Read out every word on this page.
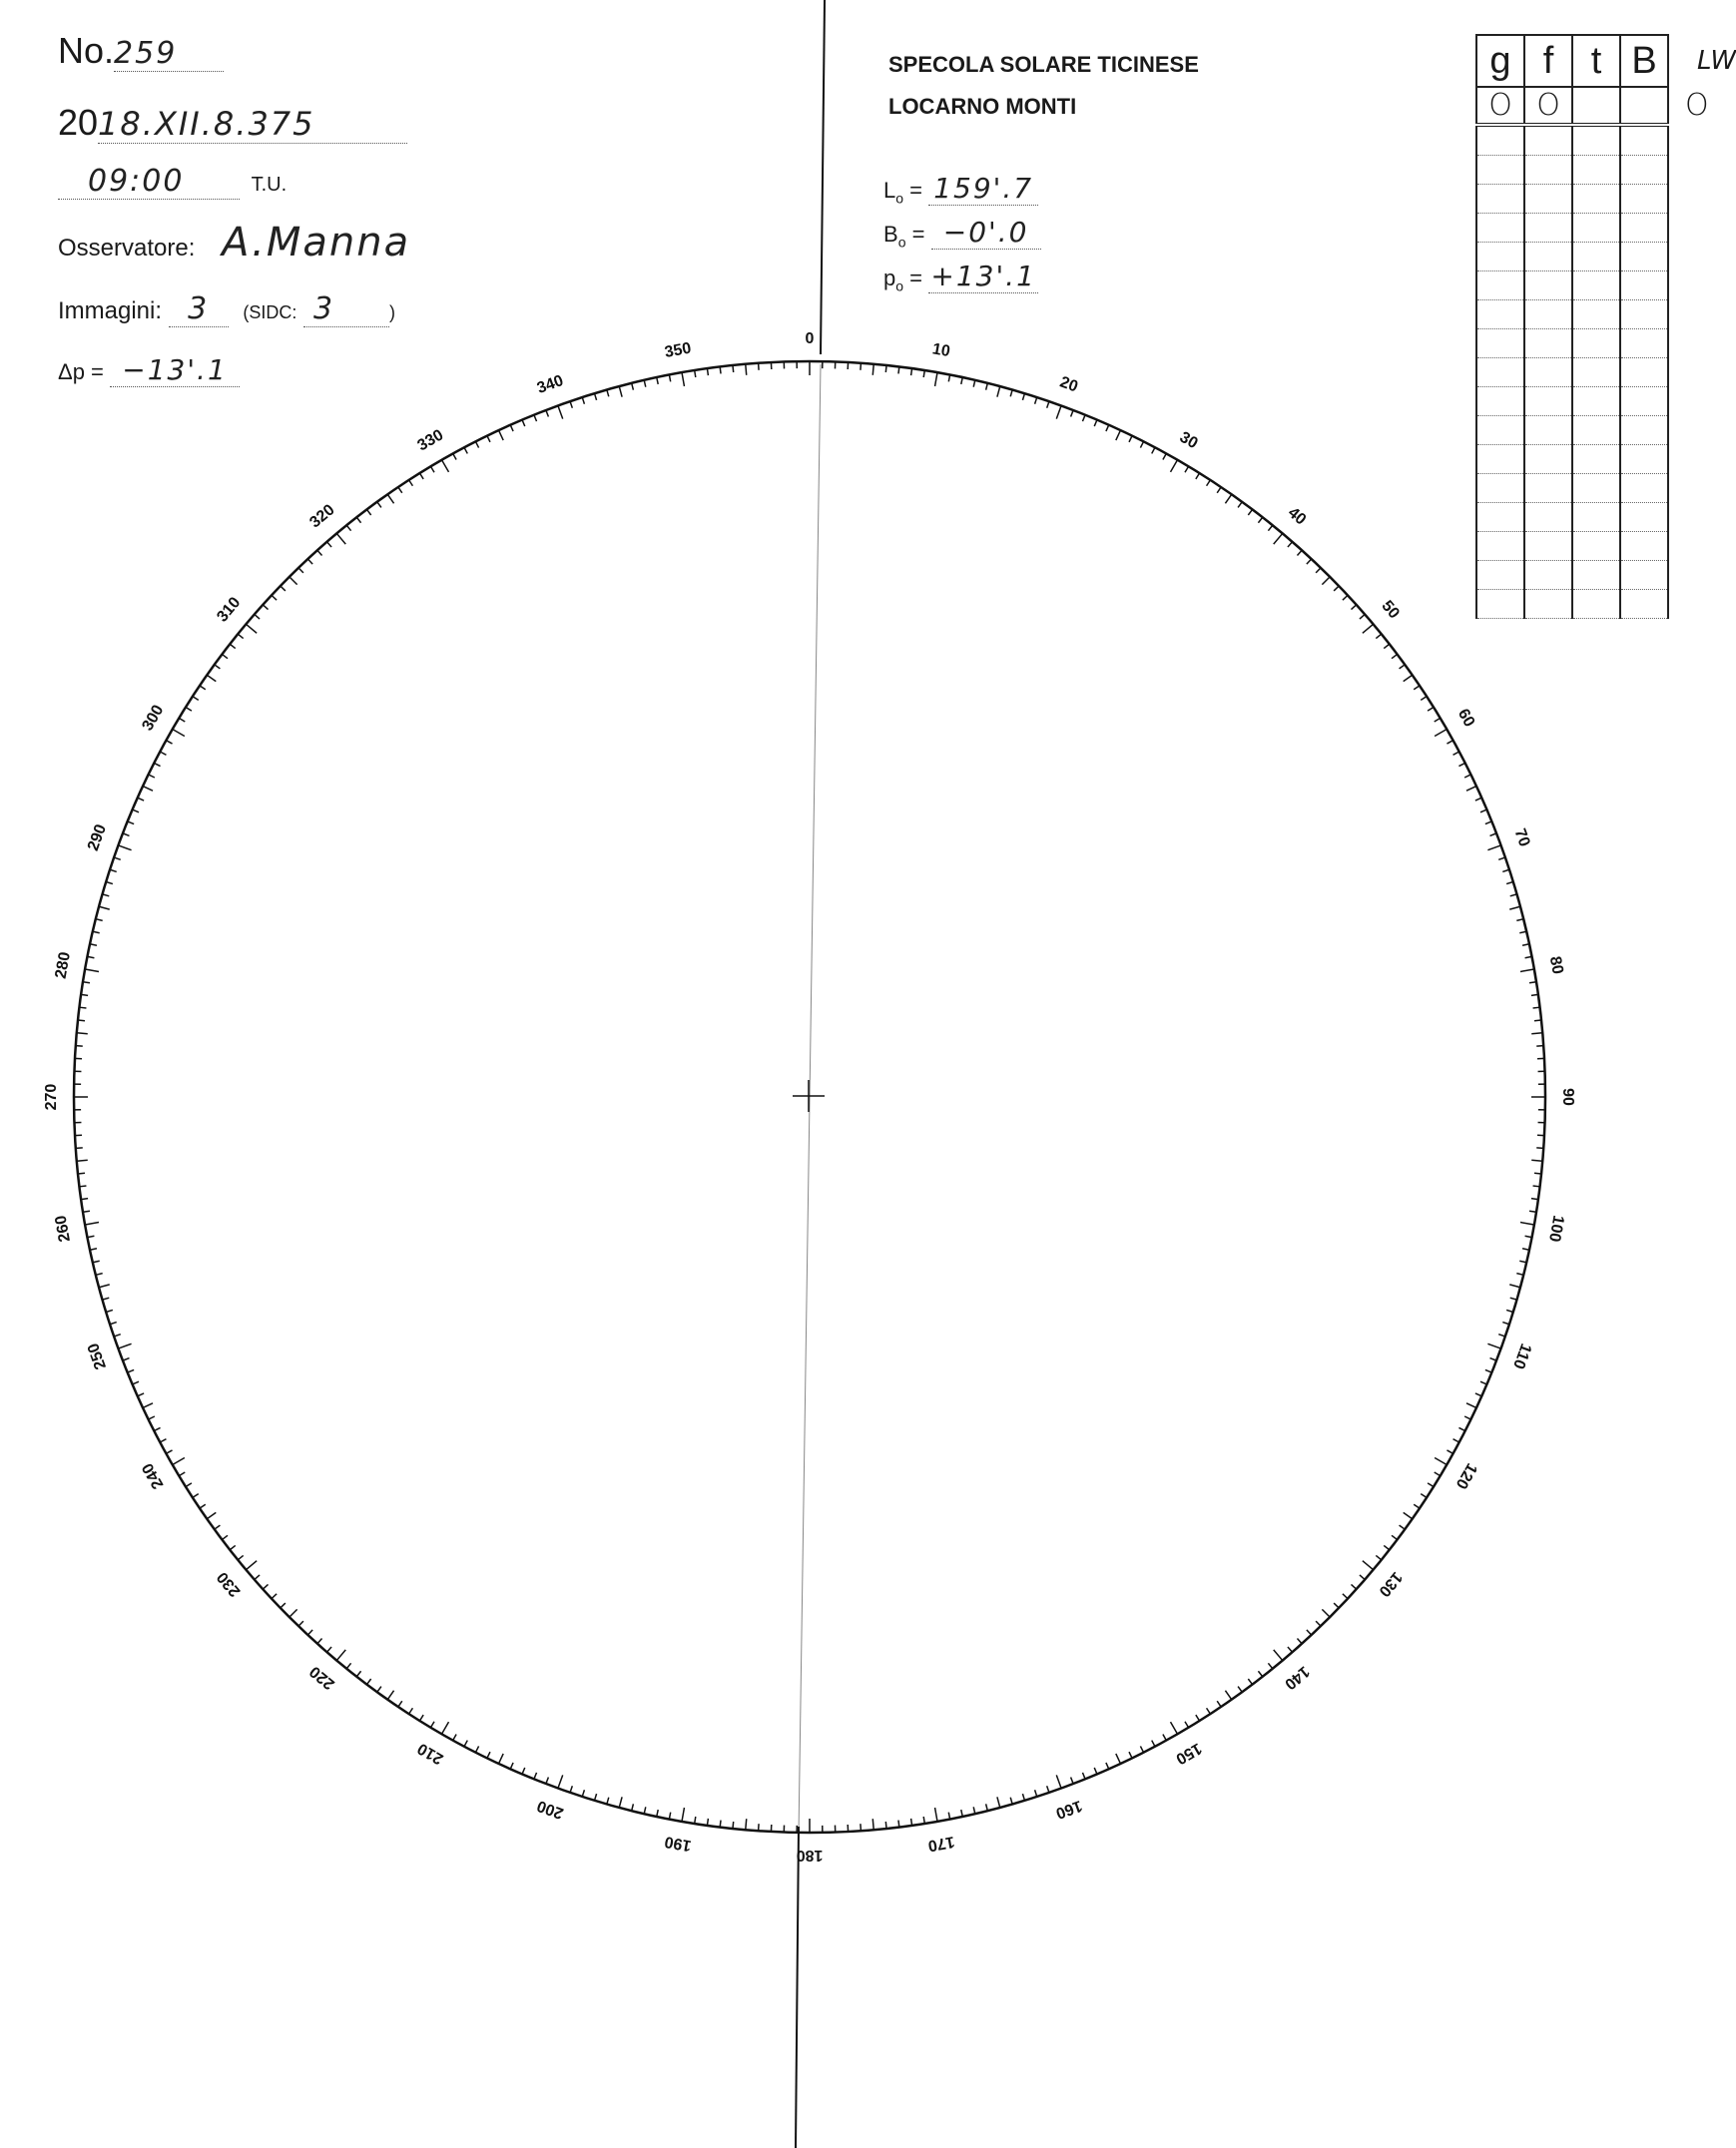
0
10
20
30
40
50
60
70
80
90
100
110
120
130
140
150
160
170
180
190
200
210
220
230
240
250
260
270
280
290
300
310
320
330
340
350
No.259
2018.XII.8.375
09:00	T.U.
Osservatore: A.Manna
Immagini: 3 (SIDC: 3	)
Δp = −13'.1
SPECOLA SOLARE TICINESE
LOCARNO MONTI
$L_o = 159'.7$
$B_o = -0'.0$
$p_o = +13'.1$
g	f	t	B
O	O		

LW
O
